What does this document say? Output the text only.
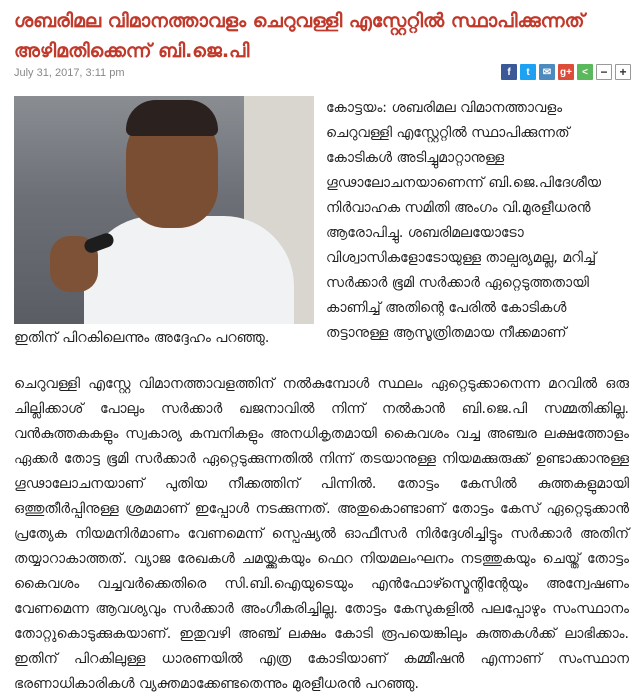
ശബരിമല വിമാനത്താവളം ചെറുവള്ളി എസ്റ്റേറ്റിൽ സ്ഥാപിക്കുന്നത് അഴിമതിക്കെന്ന് ബി.ജെ.പി
July 31, 2017, 3:11 pm	f	t	✉ g+	<	− +

കോട്ടയം: ശബരിമല വിമാനത്താവളം ചെറുവള്ളി എസ്റ്റേറ്റിൽ സ്ഥാപിക്കുന്നത് കോടികൾ അടിച്ചുമാറ്റാനുള്ള ഗൂഢാലോചനയാണെന്ന് ബി.ജെ.പിദേശീയ നിർവാഹക സമിതി അംഗം വി.മുരളീധരൻ ആരോപിച്ചു. ശബരിമലയോടോ വിശ്വാസികളോടോയുള്ള താല്പര്യമല്ല, മറിച്ച് സർക്കാർ ഭൂമി സർക്കാർ ഏറ്റെടുത്തതായി കാണിച്ച് അതിന്റെ പേരിൽ കോടികൾ തട്ടാനുള്ള ആസൂത്രിതമായ നീക്കമാണ്

ഇതിന് പിറകിലെന്നും അദ്ദേഹം പറഞ്ഞു.

ചെറുവള്ളി എസ്റ്റേ വിമാനത്താവളത്തിന് നൽകുമ്പോൾ സ്ഥലം ഏറ്റെടുക്കാനെന്ന മറവിൽ ഒരു ചില്ലിക്കാശ് പോലും സർക്കാർ ഖജനാവിൽ നിന്ന് നൽകാൻ ബി.ജെ.പി സമ്മതിക്കില്ല. വൻകുത്തകകളും സ്വകാര്യ കമ്പനികളും അനധികൃതമായി കൈവശം വച്ച അഞ്ചര ലക്ഷത്തോളം ഏക്കർ തോട്ട ഭൂമി സർക്കാർ ഏറ്റെടുക്കുന്നതിൽ നിന്ന് തടയാനുള്ള നിയമക്കുരുക്ക് ഉണ്ടാക്കാനുള്ള ഗൂഢാലോചനയാണ് പുതിയ നീക്കത്തിന് പിന്നിൽ. തോട്ടം കേസിൽ കുത്തകളുമായി ഒത്തുതീർപ്പിനുള്ള ശ്രമമാണ് ഇപ്പോൾ നടക്കുന്നത്. അതുകൊണ്ടാണ് തോട്ടം കേസ് ഏറ്റെടുക്കാൻ പ്രത്യേക നിയമനിർമാണം വേണമെന്ന് സ്പെഷ്യൽ ഓഫീസർ നിർദ്ദേശിച്ചിട്ടും സർക്കാർ അതിന് തയ്യാറാകാത്തത്. വ്യാജ രേഖകൾ ചമയ്ക്കുകയും ഫെറ നിയമലംഘനം നടത്തുകയും ചെയ്ത് തോട്ടം കൈവശം വച്ചവർക്കെതിരെ സി.ബി.ഐയുടെയും എൻഫോഴ്സ്മെന്റിന്റേയും അന്വേഷണം വേണമെന്ന ആവശ്യവും സർക്കാർ അംഗീകരിച്ചില്ല. തോട്ടം കേസുകളിൽ പലപ്പോഴും സംസ്ഥാനം തോറ്റുകൊടുക്കുകയാണ്. ഇതുവഴി അഞ്ച് ലക്ഷം കോടി രൂപയെങ്കിലും കുത്തകൾക്ക് ലാഭിക്കാം. ഇതിന് പിറകിലുള്ള ധാരണയിൽ എത്ര കോടിയാണ് കമ്മീഷൻ എന്നാണ് സംസ്ഥാന ഭരണാധികാരികൾ വ്യക്തമാക്കേണ്ടതെന്നും മുരളീധരൻ പറഞ്ഞു.
